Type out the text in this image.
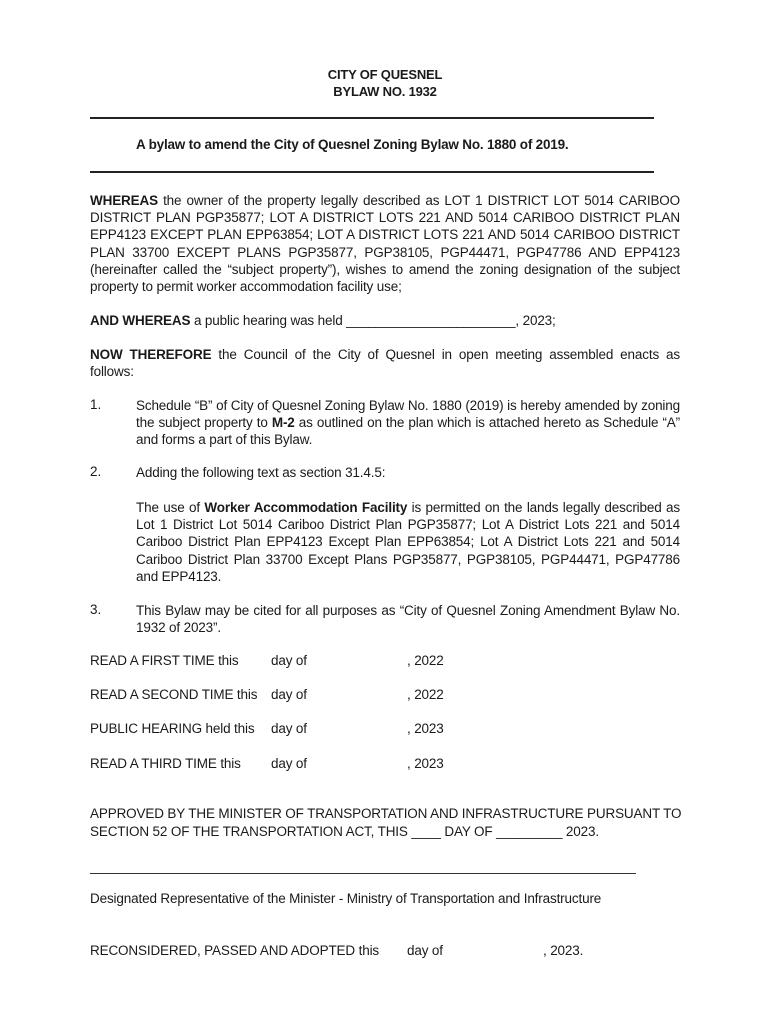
CITY OF QUESNEL
BYLAW NO. 1932
A bylaw to amend the City of Quesnel Zoning Bylaw No. 1880 of 2019.
WHEREAS the owner of the property legally described as LOT 1 DISTRICT LOT 5014 CARIBOO DISTRICT PLAN PGP35877; LOT A DISTRICT LOTS 221 AND 5014 CARIBOO DISTRICT PLAN EPP4123 EXCEPT PLAN EPP63854; LOT A DISTRICT LOTS 221 AND 5014 CARIBOO DISTRICT PLAN 33700 EXCEPT PLANS PGP35877, PGP38105, PGP44471, PGP47786 AND EPP4123 (hereinafter called the “subject property”), wishes to amend the zoning designation of the subject property to permit worker accommodation facility use;
AND WHEREAS a public hearing was held _______________________, 2023;
NOW THEREFORE the Council of the City of Quesnel in open meeting assembled enacts as follows:
1.	Schedule “B” of City of Quesnel Zoning Bylaw No. 1880 (2019) is hereby amended by zoning the subject property to M-2 as outlined on the plan which is attached hereto as Schedule “A” and forms a part of this Bylaw.
2.	Adding the following text as section 31.4.5:
The use of Worker Accommodation Facility is permitted on the lands legally described as Lot 1 District Lot 5014 Cariboo District Plan PGP35877; Lot A District Lots 221 and 5014 Cariboo District Plan EPP4123 Except Plan EPP63854; Lot A District Lots 221 and 5014 Cariboo District Plan 33700 Except Plans PGP35877, PGP38105, PGP44471, PGP47786 and EPP4123.
3.	This Bylaw may be cited for all purposes as “City of Quesnel Zoning Amendment Bylaw No. 1932 of 2023”.
READ A FIRST TIME this day of	, 2022
READ A SECOND TIME this day of	, 2022
PUBLIC HEARING held this day of	, 2023
READ A THIRD TIME this day of	, 2023
APPROVED BY THE MINISTER OF TRANSPORTATION AND INFRASTRUCTURE PURSUANT TO
SECTION 52 OF THE TRANSPORTATION ACT, THIS ____ DAY OF _________ 2023.
Designated Representative of the Minister - Ministry of Transportation and Infrastructure
RECONSIDERED, PASSED AND ADOPTED this day of	, 2023.
